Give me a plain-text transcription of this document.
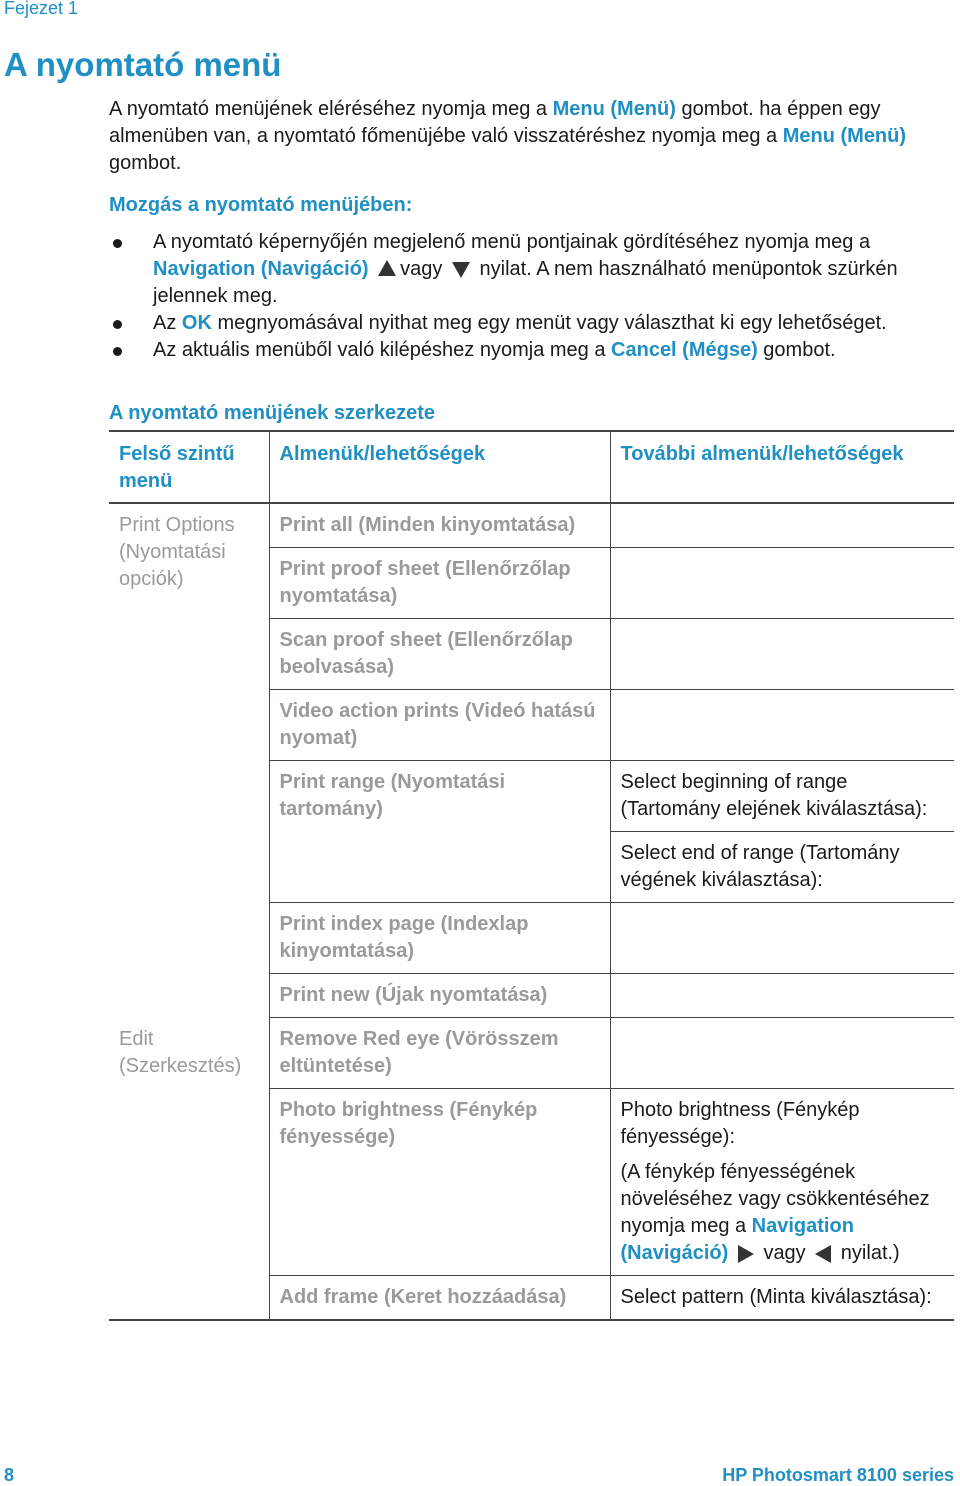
Fejezet 1
A nyomtató menü

A nyomtató menüjének eléréséhez nyomja meg a Menu (Menü) gombot. ha éppen egy almenüben van, a nyomtató főmenüjébe való visszatéréshez nyomja meg a Menu (Menü) gombot.

Mozgás a nyomtató menüjében:
A nyomtató képernyőjén megjelenő menü pontjainak gördítéséhez nyomja meg a Navigation (Navigáció) vagy  nyilat. A nem használható menüpontok szürkén jelennek meg.
Az OK megnyomásával nyithat meg egy menüt vagy választhat ki egy lehetőséget.
Az aktuális menüből való kilépéshez nyomja meg a Cancel (Mégse) gombot.
A nyomtató menüjének szerkezete
Felső szintű menü	Almenük/lehetőségek	További almenük/lehetőségek
Print Options (Nyomtatási opciók)	Print all (Minden kinyomtatása)	
	Print proof sheet (Ellenőrzőlap nyomtatása)	
	Scan proof sheet (Ellenőrzőlap beolvasása)	
	Video action prints (Videó hatású nyomat)	
	Print range (Nyomtatási tartomány)	Select beginning of range (Tartomány elejének kiválasztása):
		Select end of range (Tartomány végének kiválasztása):
	Print index page (Indexlap kinyomtatása)	
	Print new (Újak nyomtatása)	
Edit (Szerkesztés)	Remove Red eye (Vörösszem eltüntetése)	
	Photo brightness (Fénykép fényessége)	Photo brightness (Fénykép fényessége):

(A fénykép fényességének növeléséhez vagy csökkentéséhez nyomja meg a Navigation (Navigáció) vagy  nyilat.)

	Add frame (Keret hozzáadása)	Select pattern (Minta kiválasztása):
8	HP Photosmart 8100 series
